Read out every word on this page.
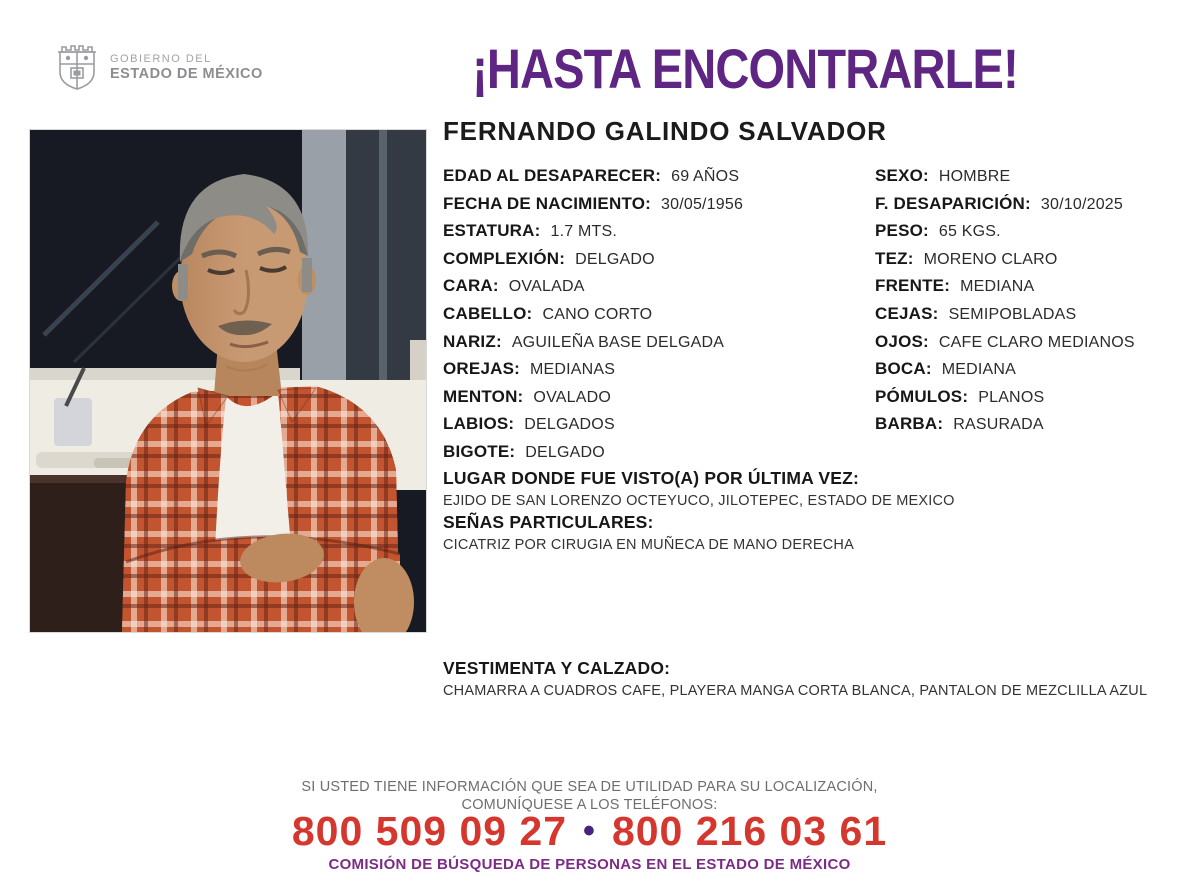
GOBIERNO DEL
ESTADO DE MÉXICO	¡HASTA ENCONTRARLE!
FERNANDO GALINDO SALVADOR
EDAD AL DESAPARECER: 69 AÑOS
FECHA DE NACIMIENTO: 30/05/1956
ESTATURA: 1.7 MTS.
COMPLEXIÓN: DELGADO
CARA: OVALADA
CABELLO: CANO CORTO
NARIZ: AGUILEÑA BASE DELGADA
OREJAS: MEDIANAS
MENTON: OVALADO
LABIOS: DELGADOS
BIGOTE: DELGADO
SEXO: HOMBRE
F. DESAPARICIÓN: 30/10/2025
PESO: 65 KGS.
TEZ: MORENO CLARO
FRENTE: MEDIANA
CEJAS: SEMIPOBLADAS
OJOS: CAFE CLARO MEDIANOS
BOCA: MEDIANA
PÓMULOS: PLANOS
BARBA: RASURADA
LUGAR DONDE FUE VISTO(A) POR ÚLTIMA VEZ:
EJIDO DE SAN LORENZO OCTEYUCO, JILOTEPEC, ESTADO DE MEXICO
SEÑAS PARTICULARES:
CICATRIZ POR CIRUGIA EN MUÑECA DE MANO DERECHA
VESTIMENTA Y CALZADO:
CHAMARRA A CUADROS CAFE, PLAYERA MANGA CORTA BLANCA, PANTALON DE MEZCLILLA AZUL
SI USTED TIENE INFORMACIÓN QUE SEA DE UTILIDAD PARA SU LOCALIZACIÓN,
COMUNÍQUESE A LOS TELÉFONOS:
800 509 09 27 • 800 216 03 61
COMISIÓN DE BÚSQUEDA DE PERSONAS EN EL ESTADO DE MÉXICO
